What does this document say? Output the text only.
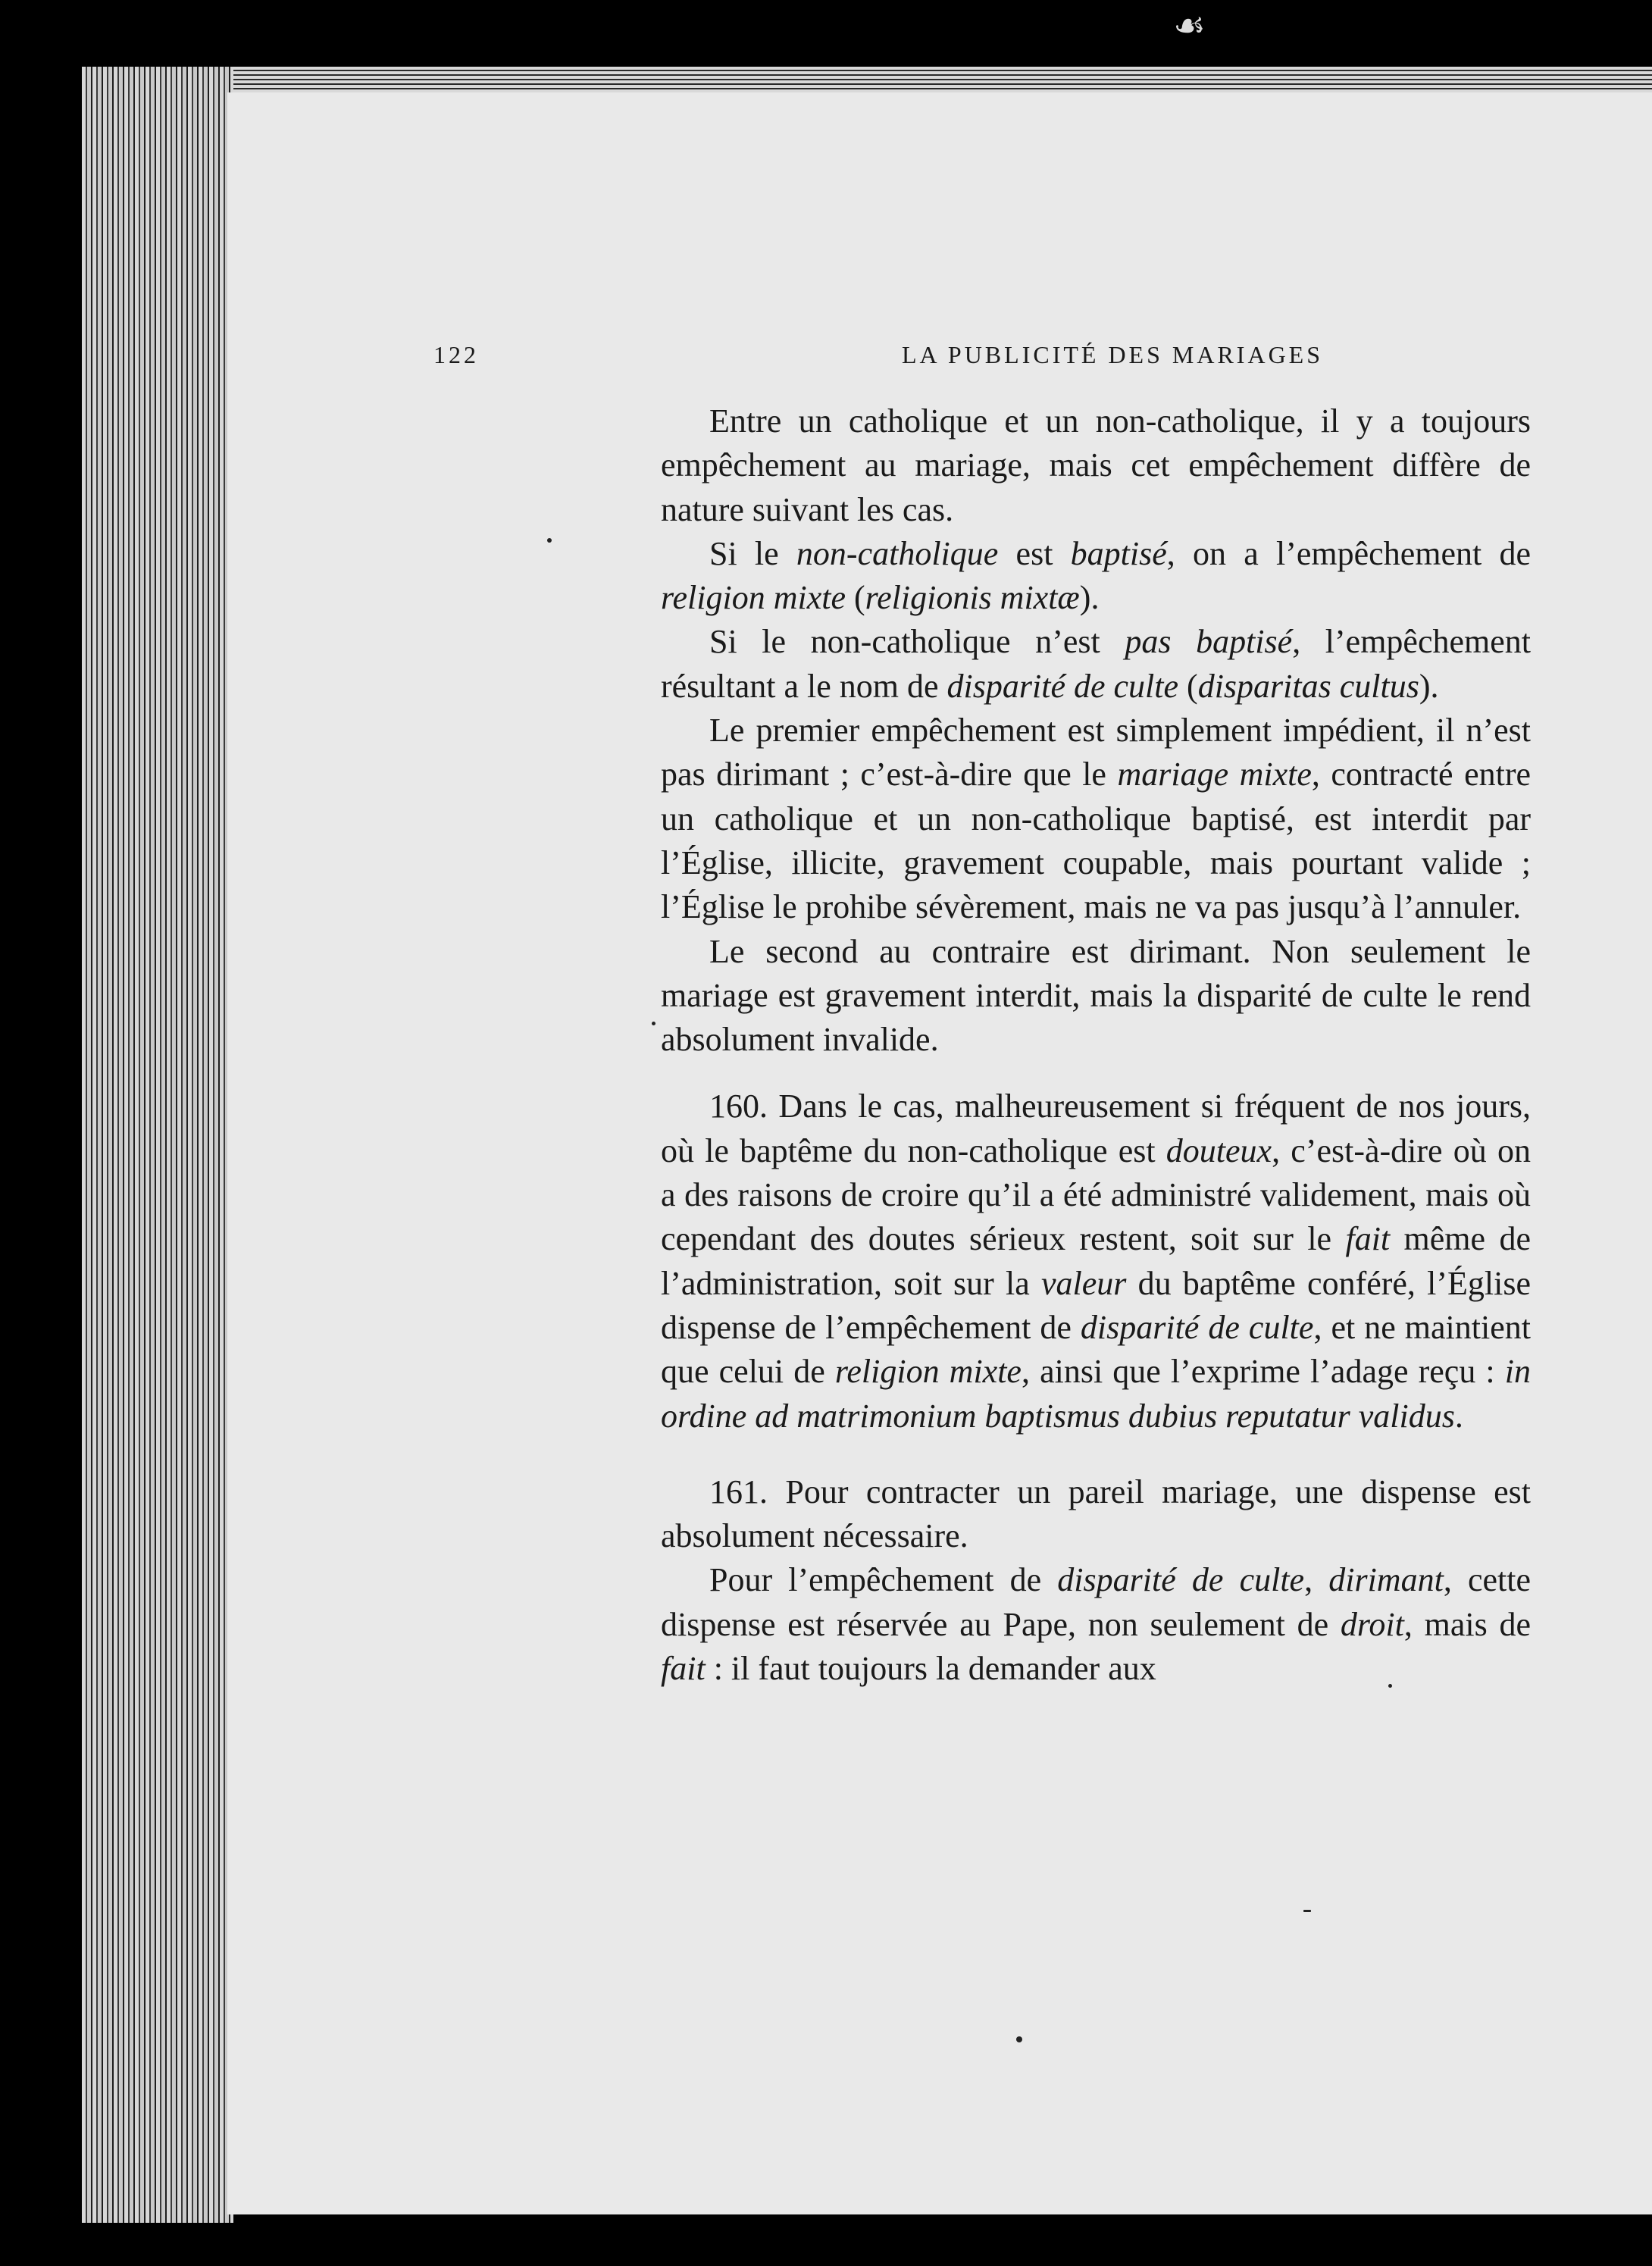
☙
122	LA PUBLICITÉ DES MARIAGES

Entre un catholique et un non-catholique, il y a toujours empêchement au mariage, mais cet empêchement diffère de nature suivant les cas.

Si le non-catholique est baptisé, on a l’empêchement de religion mixte (religionis mixtæ).

Si le non-catholique n’est pas baptisé, l’empêchement résultant a le nom de disparité de culte (disparitas cultus).

Le premier empêchement est simplement impédient, il n’est pas dirimant ; c’est-à-dire que le mariage mixte, contracté entre un catholique et un non-catholique baptisé, est interdit par l’Église, illicite, gravement coupable, mais pourtant valide ; l’Église le prohibe sévèrement, mais ne va pas jusqu’à l’annuler.

Le second au contraire est dirimant. Non seulement le mariage est gravement interdit, mais la disparité de culte le rend absolument invalide.

160. Dans le cas, malheureusement si fréquent de nos jours, où le baptême du non-catholique est douteux, c’est-à-dire où on a des raisons de croire qu’il a été administré validement, mais où cependant des doutes sérieux restent, soit sur le fait même de l’administration, soit sur la valeur du baptême conféré, l’Église dispense de l’empêchement de disparité de culte, et ne maintient que celui de religion mixte, ainsi que l’exprime l’adage reçu : in ordine ad matrimonium baptismus dubius reputatur validus.

161. Pour contracter un pareil mariage, une dispense est absolument nécessaire.

Pour l’empêchement de disparité de culte, dirimant, cette dispense est réservée au Pape, non seulement de droit, mais de fait : il faut toujours la demander aux
